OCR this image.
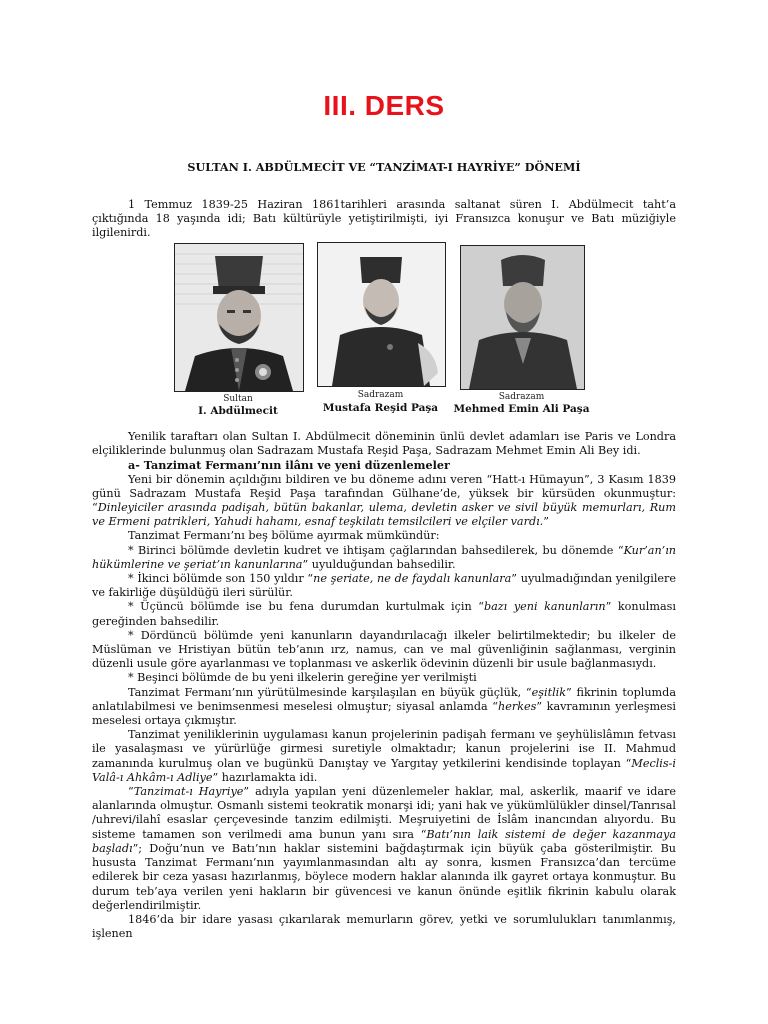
III. DERS
SULTAN I. ABDÜLMECİT VE “TANZİMAT-I HAYRİYE” DÖNEMİ

1 Temmuz 1839-25 Haziran 1861tarihleri arasında saltanat süren I. Abdülmecit taht’a çıktığında 18 yaşında idi; Batı kültürüyle yetiştirilmişti, iyi Fransızca konuşur ve Batı müziğiyle ilgilenirdi.

Sultan
I. Abdülmecit
Sadrazam
Mustafa Reşid Paşa
Sadrazam
Mehmed Emin Ali Paşa

Yenilik taraftarı olan Sultan I. Abdülmecit döneminin ünlü devlet adamları ise Paris ve Londra elçiliklerinde bulunmuş olan Sadrazam Mustafa Reşid Paşa, Sadrazam Mehmet Emin Ali Bey idi.

a- Tanzimat Fermanı’nın ilânı ve yeni düzenlemeler

Yeni bir dönemin açıldığını bildiren ve bu döneme adını veren “Hatt-ı Hümayun”, 3 Kasım 1839 günü Sadrazam Mustafa Reşid Paşa tarafından Gülhane’de, yüksek bir kürsüden okunmuştur: “Dinleyiciler arasında padişah, bütün bakanlar, ulema, devletin asker ve sivil büyük memurları, Rum ve Ermeni patrikleri, Yahudi hahamı, esnaf teşkilatı temsilcileri ve elçiler vardı.”

Tanzimat Fermanı’nı beş bölüme ayırmak mümkündür:

* Birinci bölümde devletin kudret ve ihtişam çağlarından bahsedilerek, bu dönemde “Kur’an’ın hükümlerine ve şeriat’ın kanunlarına” uyulduğundan bahsedilir.

* İkinci bölümde son 150 yıldır “ne şeriate, ne de faydalı kanunlara” uyulmadığından yenilgilere ve fakirliğe düşüldüğü ileri sürülür.

* Üçüncü bölümde ise bu fena durumdan kurtulmak için “bazı yeni kanunların” konulması gereğinden bahsedilir.

* Dördüncü bölümde yeni kanunların dayandırılacağı ilkeler belirtilmektedir; bu ilkeler de Müslüman ve Hristiyan bütün teb’anın ırz, namus, can ve mal güvenliğinin sağlanması, verginin düzenli usule göre ayarlanması ve toplanması ve askerlik ödevinin düzenli bir usule bağlanmasıydı.

* Beşinci bölümde de bu yeni ilkelerin gereğine yer verilmişti

Tanzimat Fermanı’nın yürütülmesinde karşılaşılan en büyük güçlük, “eşitlik” fikrinin toplumda anlatılabilmesi ve benimsenmesi meselesi olmuştur; siyasal anlamda “herkes” kavramının yerleşmesi meselesi ortaya çıkmıştır.

Tanzimat yeniliklerinin uygulaması kanun projelerinin padişah fermanı ve şeyhülislâmın fetvası ile yasalaşması ve yürürlüğe girmesi suretiyle olmaktadır; kanun projelerini ise II. Mahmud zamanında kurulmuş olan ve bugünkü Danıştay ve Yargıtay yetkilerini kendisinde toplayan “Meclis-i Valâ-ı Ahkâm-ı Adliye” hazırlamakta idi.

“Tanzimat-ı Hayriye” adıyla yapılan yeni düzenlemeler haklar, mal, askerlik, maarif ve idare alanlarında olmuştur. Osmanlı sistemi teokratik monarşi idi; yani hak ve yükümlülükler dinsel/Tanrısal /uhrevi/ilahî esaslar çerçevesinde tanzim edilmişti. Meşruiyetini de İslâm inancından alıyordu. Bu sisteme tamamen son verilmedi ama bunun yanı sıra “Batı’nın laik sistemi de değer kazanmaya başladı”; Doğu’nun ve Batı’nın haklar sistemini bağdaştırmak için büyük çaba gösterilmiştir. Bu hususta Tanzimat Fermanı’nın yayımlanmasından altı ay sonra, kısmen Fransızca’dan tercüme edilerek bir ceza yasası hazırlanmış, böylece modern haklar alanında ilk gayret ortaya konmuştur. Bu durum teb’aya verilen yeni hakların bir güvencesi ve kanun önünde eşitlik fikrinin kabulu olarak değerlendirilmiştir.

1846’da bir idare yasası çıkarılarak memurların görev, yetki ve sorumlulukları tanımlanmış, işlenen
